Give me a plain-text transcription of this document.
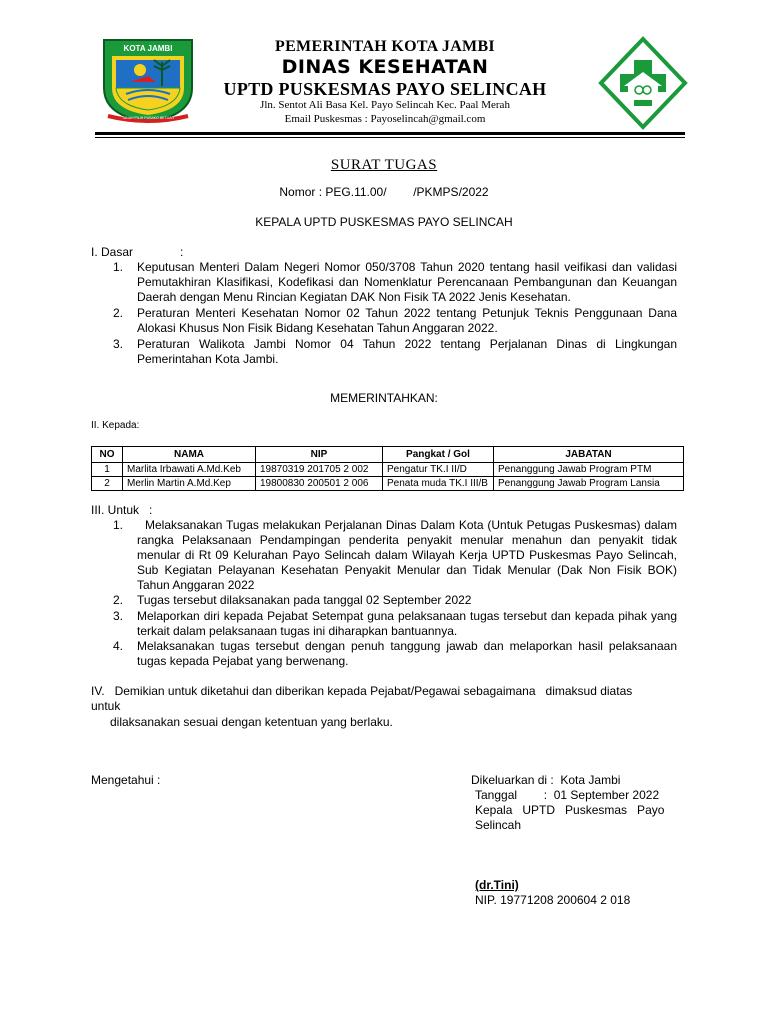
KOTA JAMBI
TANAH PILIH PUSAKO BETUAH
PEMERINTAH KOTA JAMBI
DINAS KESEHATAN
UPTD PUSKESMAS PAYO SELINCAH
Jln. Sentot Ali Basa Kel. Payo Selincah Kec. Paal Merah
Email Puskesmas : Payoselincah@gmail.com
SURAT TUGAS
Nomor : PEG.11.00/        /PKMPS/2022
KEPALA UPTD PUSKESMAS PAYO SELINCAH
I. Dasar	:
1.	Keputusan Menteri Dalam Negeri Nomor 050/3708 Tahun 2020 tentang hasil veifikasi dan validasi Pemutakhiran Klasifikasi, Kodefikasi dan Nomenklatur Perencanaan Pembangunan dan Keuangan Daerah dengan Menu Rincian Kegiatan DAK Non Fisik TA 2022 Jenis Kesehatan.
2.	Peraturan Menteri Kesehatan Nomor 02 Tahun 2022 tentang Petunjuk Teknis Penggunaan Dana Alokasi Khusus Non Fisik Bidang Kesehatan Tahun Anggaran 2022.
3.	Peraturan Walikota Jambi Nomor 04 Tahun 2022 tentang Perjalanan Dinas di Lingkungan Pemerintahan Kota Jambi.
MEMERINTAHKAN:
II. Kepada:
NO	NAMA	NIP	Pangkat / Gol	JABATAN
1	Marlita Irbawati A.Md.Keb	19870319 201705 2 002	Pengatur TK.I II/D	Penanggung Jawab Program PTM
2	Merlin Martin A.Md.Kep	19800830 200501 2 006	Penata muda TK.I III/B	Penanggung Jawab Program Lansia
III. Untuk   :
1.	Melaksanakan Tugas melakukan Perjalanan Dinas Dalam Kota (Untuk Petugas Puskesmas) dalam rangka Pelaksanaan Pendampingan penderita penyakit menular menahun dan penyakit tidak menular di Rt 09 Kelurahan Payo Selincah dalam Wilayah Kerja UPTD Puskesmas Payo Selincah, Sub Kegiatan Pelayanan Kesehatan Penyakit Menular dan Tidak Menular (Dak Non Fisik BOK) Tahun Anggaran 2022
2.	Tugas tersebut dilaksanakan pada tanggal 02 September 2022
3.	Melaporkan diri kepada Pejabat Setempat guna pelaksanaan tugas tersebut dan kepada pihak yang terkait dalam pelaksanaan tugas ini diharapkan bantuannya.
4.	Melaksanakan tugas tersebut dengan penuh tanggung jawab dan melaporkan hasil pelaksanaan tugas kepada Pejabat yang berwenang.
IV.   Demikian untuk diketahui dan diberikan kepada Pejabat/Pegawai sebagaimana   dimaksud diatas
untuk
dilaksanakan sesuai dengan ketentuan yang berlaku.
Mengetahui :	Dikeluarkan di :  Kota Jambi
Tanggal        :  01 September 2022
Kepala   UPTD   Puskesmas   Payo
Selincah
(dr.Tini)
NIP. 19771208 200604 2 018
